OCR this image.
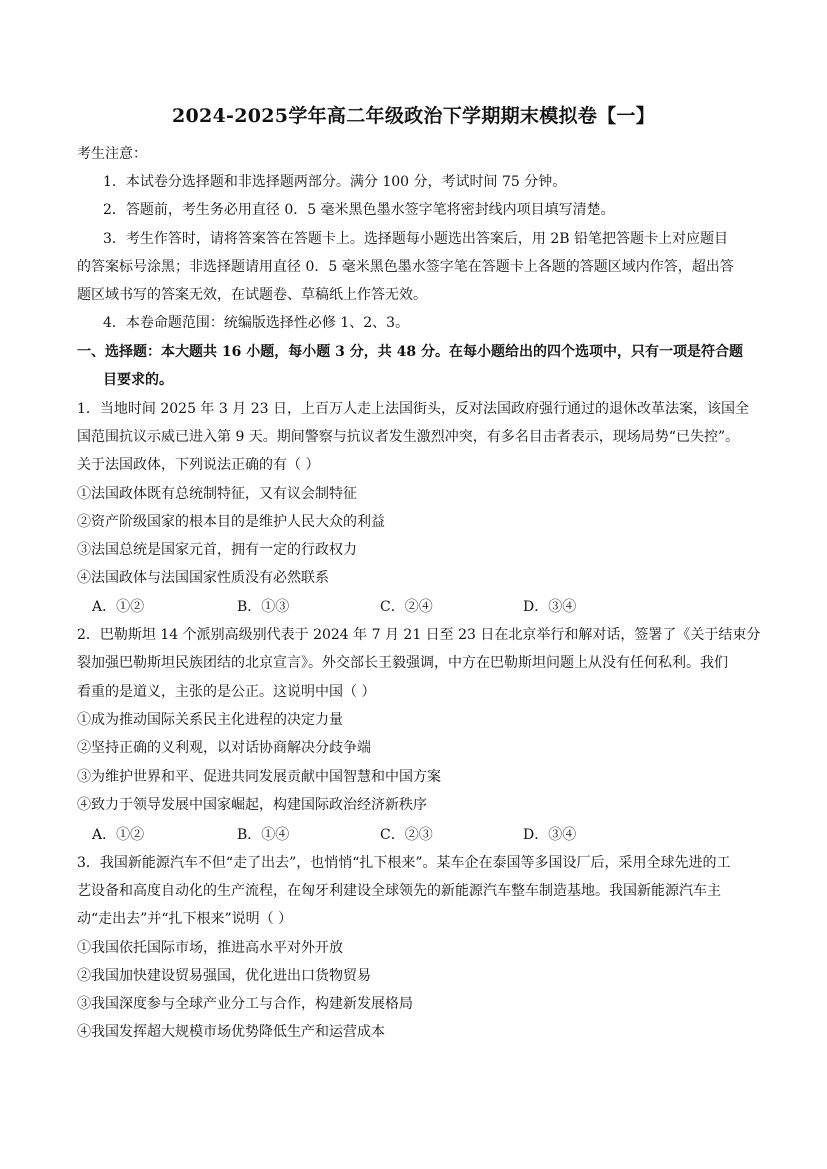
2024-2025学年高二年级政治下学期期末模拟卷【一】
考生注意：
1．本试卷分选择题和非选择题两部分。满分 100 分，考试时间 75 分钟。
2．答题前，考生务必用直径 0．5 毫米黑色墨水签字笔将密封线内项目填写清楚。
3．考生作答时，请将答案答在答题卡上。选择题每小题选出答案后，用 2B 铅笔把答题卡上对应题目
的答案标号涂黑；非选择题请用直径 0．5 毫米黑色墨水签字笔在答题卡上各题的答题区域内作答，超出答
题区域书写的答案无效，在试题卷、草稿纸上作答无效。
4．本卷命题范围：统编版选择性必修 1、2、3。
一、选择题：本大题共 16 小题，每小题 3 分，共 48 分。在每小题给出的四个选项中，只有一项是符合题
目要求的。
1．当地时间 2025 年 3 月 23 日，上百万人走上法国街头，反对法国政府强行通过的退休改革法案，该国全
国范围抗议示威已进入第 9 天。期间警察与抗议者发生激烈冲突，有多名目击者表示，现场局势“已失控”。
关于法国政体，下列说法正确的有（ ）
①法国政体既有总统制特征，又有议会制特征
②资产阶级国家的根本目的是维护人民大众的利益
③法国总统是国家元首，拥有一定的行政权力
④法国政体与法国国家性质没有必然联系
A．①②	B．①③	C．②④	D．③④
2．巴勒斯坦 14 个派别高级别代表于 2024 年 7 月 21 日至 23 日在北京举行和解对话，签署了《关于结束分
裂加强巴勒斯坦民族团结的北京宣言》。外交部长王毅强调，中方在巴勒斯坦问题上从没有任何私利。我们
看重的是道义，主张的是公正。这说明中国（ ）
①成为推动国际关系民主化进程的决定力量
②坚持正确的义利观，以对话协商解决分歧争端
③为维护世界和平、促进共同发展贡献中国智慧和中国方案
④致力于领导发展中国家崛起，构建国际政治经济新秩序
A．①②	B．①④	C．②③	D．③④
3．我国新能源汽车不但“走了出去”，也悄悄“扎下根来”。某车企在泰国等多国设厂后，采用全球先进的工
艺设备和高度自动化的生产流程，在匈牙利建设全球领先的新能源汽车整车制造基地。我国新能源汽车主
动“走出去”并“扎下根来”说明（ ）
①我国依托国际市场，推进高水平对外开放
②我国加快建设贸易强国，优化进出口货物贸易
③我国深度参与全球产业分工与合作，构建新发展格局
④我国发挥超大规模市场优势降低生产和运营成本
